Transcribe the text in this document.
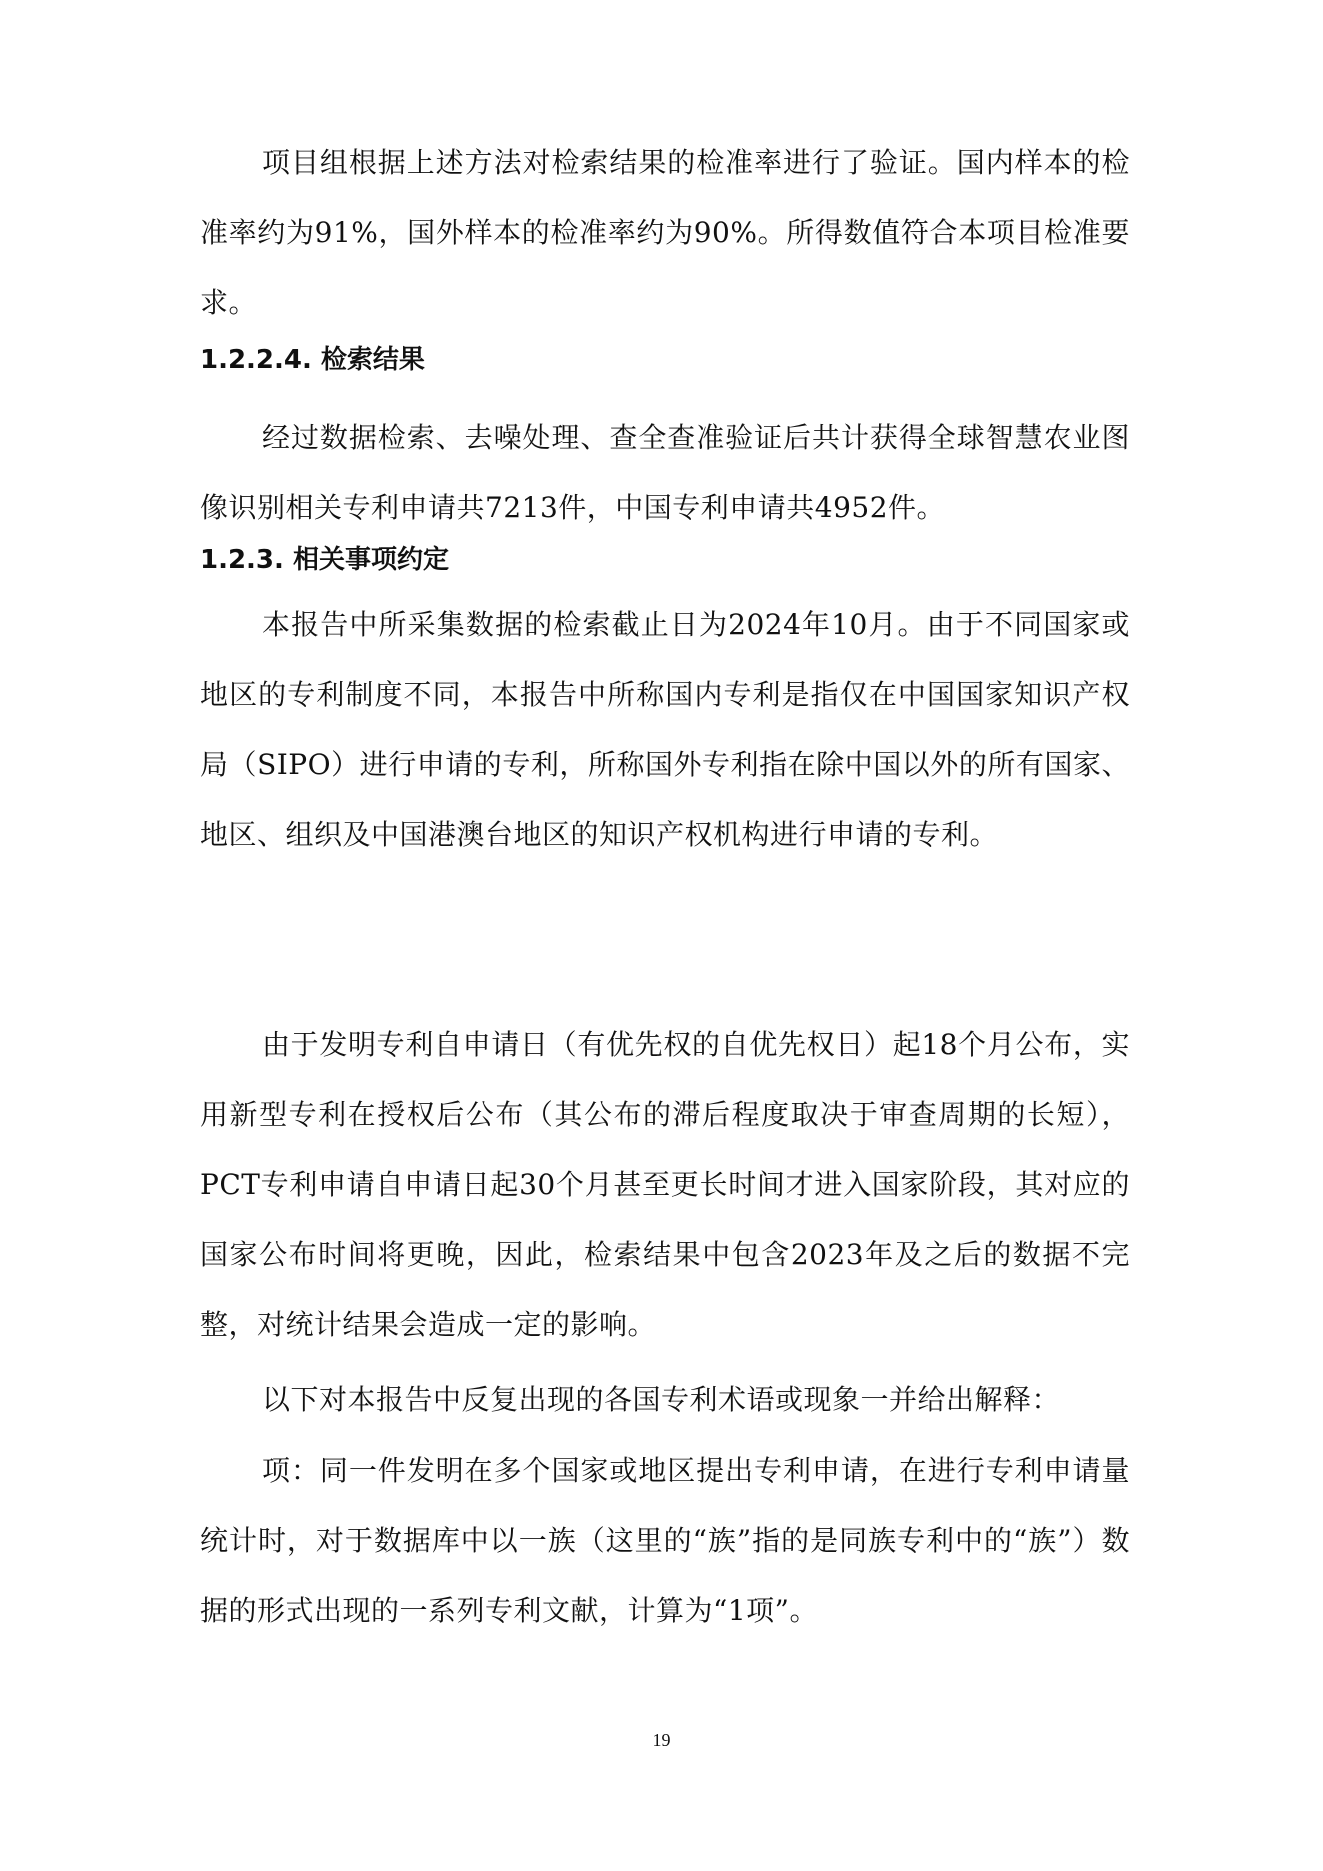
项目组根据上述方法对检索结果的检准率进行了验证。国内样本的检准率约为91%，国外样本的检准率约为90%。所得数值符合本项目检准要求。

1.2.2.4. 检索结果

经过数据检索、去噪处理、查全查准验证后共计获得全球智慧农业图像识别相关专利申请共7213件，中国专利申请共4952件。

1.2.3. 相关事项约定

本报告中所采集数据的检索截止日为2024年10月。由于不同国家或地区的专利制度不同，本报告中所称国内专利是指仅在中国国家知识产权局（SIPO）进行申请的专利，所称国外专利指在除中国以外的所有国家、地区、组织及中国港澳台地区的知识产权机构进行申请的专利。

由于发明专利自申请日（有优先权的自优先权日）起18个月公布，实用新型专利在授权后公布（其公布的滞后程度取决于审查周期的长短），PCT专利申请自申请日起30个月甚至更长时间才进入国家阶段，其对应的国家公布时间将更晚，因此，检索结果中包含2023年及之后的数据不完整，对统计结果会造成一定的影响。

以下对本报告中反复出现的各国专利术语或现象一并给出解释：

项：同一件发明在多个国家或地区提出专利申请，在进行专利申请量统计时，对于数据库中以一族（这里的“族”指的是同族专利中的“族”）数据的形式出现的一系列专利文献，计算为“1项”。

19
